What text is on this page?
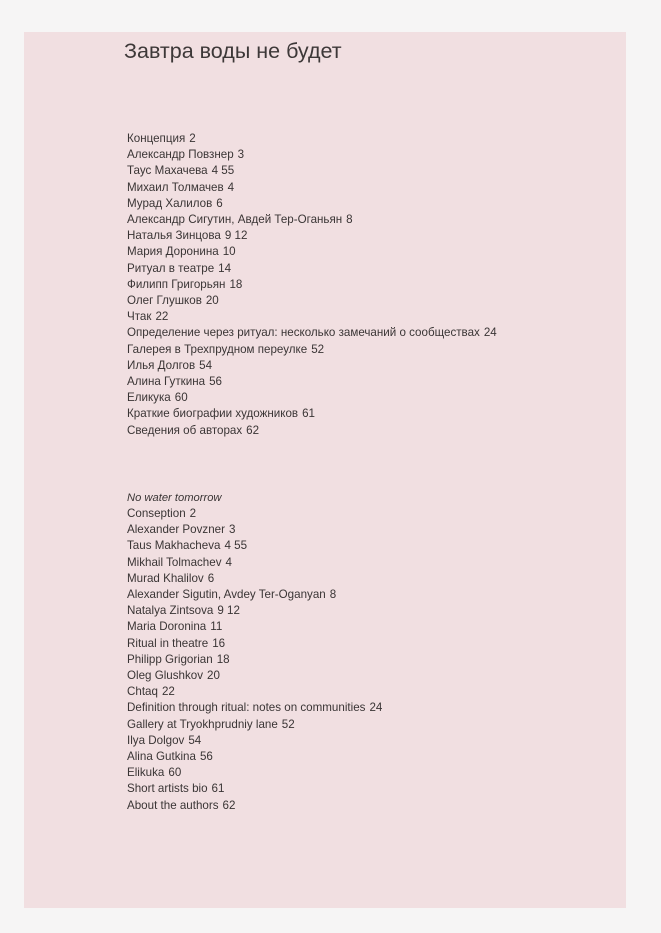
Завтра воды не будет
Концепция 2
Александр Повзнер 3
Таус Махачева 4 55
Михаил Толмачев 4
Мурад Халилов 6
Александр Сигутин, Авдей Тер-Оганьян 8
Наталья Зинцова 9 12
Мария Доронина 10
Ритуал в театре 14
Филипп Григорьян 18
Олег Глушков 20
Чтак 22
Определение через ритуал: несколько замечаний о сообществах 24
Галерея в Трехпрудном переулке 52
Илья Долгов 54
Алина Гуткина 56
Еликука 60
Краткие биографии художников 61
Сведения об авторах 62
No water tomorrow
Conseption 2
Alexander Povzner 3
Taus Makhacheva 4 55
Mikhail Tolmachev 4
Murad Khalilov 6
Alexander Sigutin, Avdey Ter-Oganyan 8
Natalya Zintsova 9 12
Maria Doronina 11
Ritual in theatre 16
Philipp Grigorian 18
Oleg Glushkov 20
Chtaq 22
Definition through ritual: notes on communities 24
Gallery at Tryokhprudniy lane 52
Ilya Dolgov 54
Alina Gutkina 56
Elikuka 60
Short artists bio 61
About the authors 62
